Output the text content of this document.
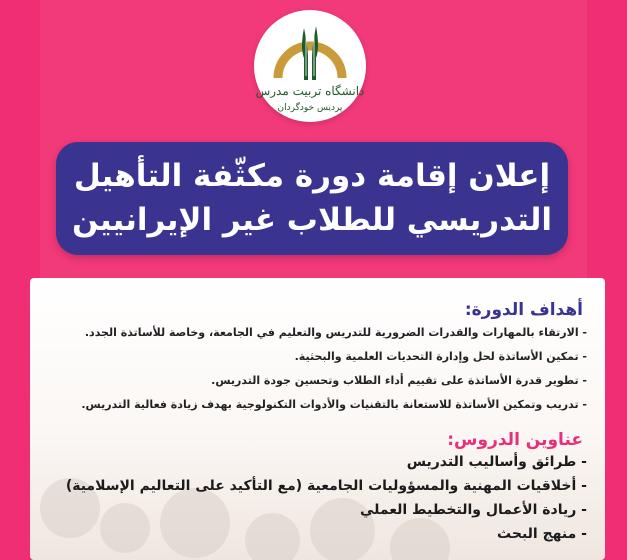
دانشگاه تربیت مدرس
پردیس خودگردان
إعلان إقامة دورة مكثّفة التأهيل
التدريسي للطلاب غير الإيرانيين
أهداف الدورة:
- الارتقاء بالمهارات والقدرات الضرورية للتدريس والتعليم في الجامعة، وخاصة للأساتذة الجدد.
- تمكين الأساتذة لحل وإدارة التحديات العلمية والبحثية.
- تطوير قدرة الأساتذة على تقييم أداء الطلاب وتحسين جودة التدريس.
- تدريب وتمكين الأساتذة للاستعانة بالتقنيات والأدوات التكنولوجية بهدف زيادة فعالية التدريس.
عناوين الدروس:
- طرائق وأساليب التدريس
- أخلاقيات المهنية والمسؤوليات الجامعية (مع التأكيد على التعاليم الإسلامية)
- ريادة الأعمال والتخطيط العملي
- منهج البحث
